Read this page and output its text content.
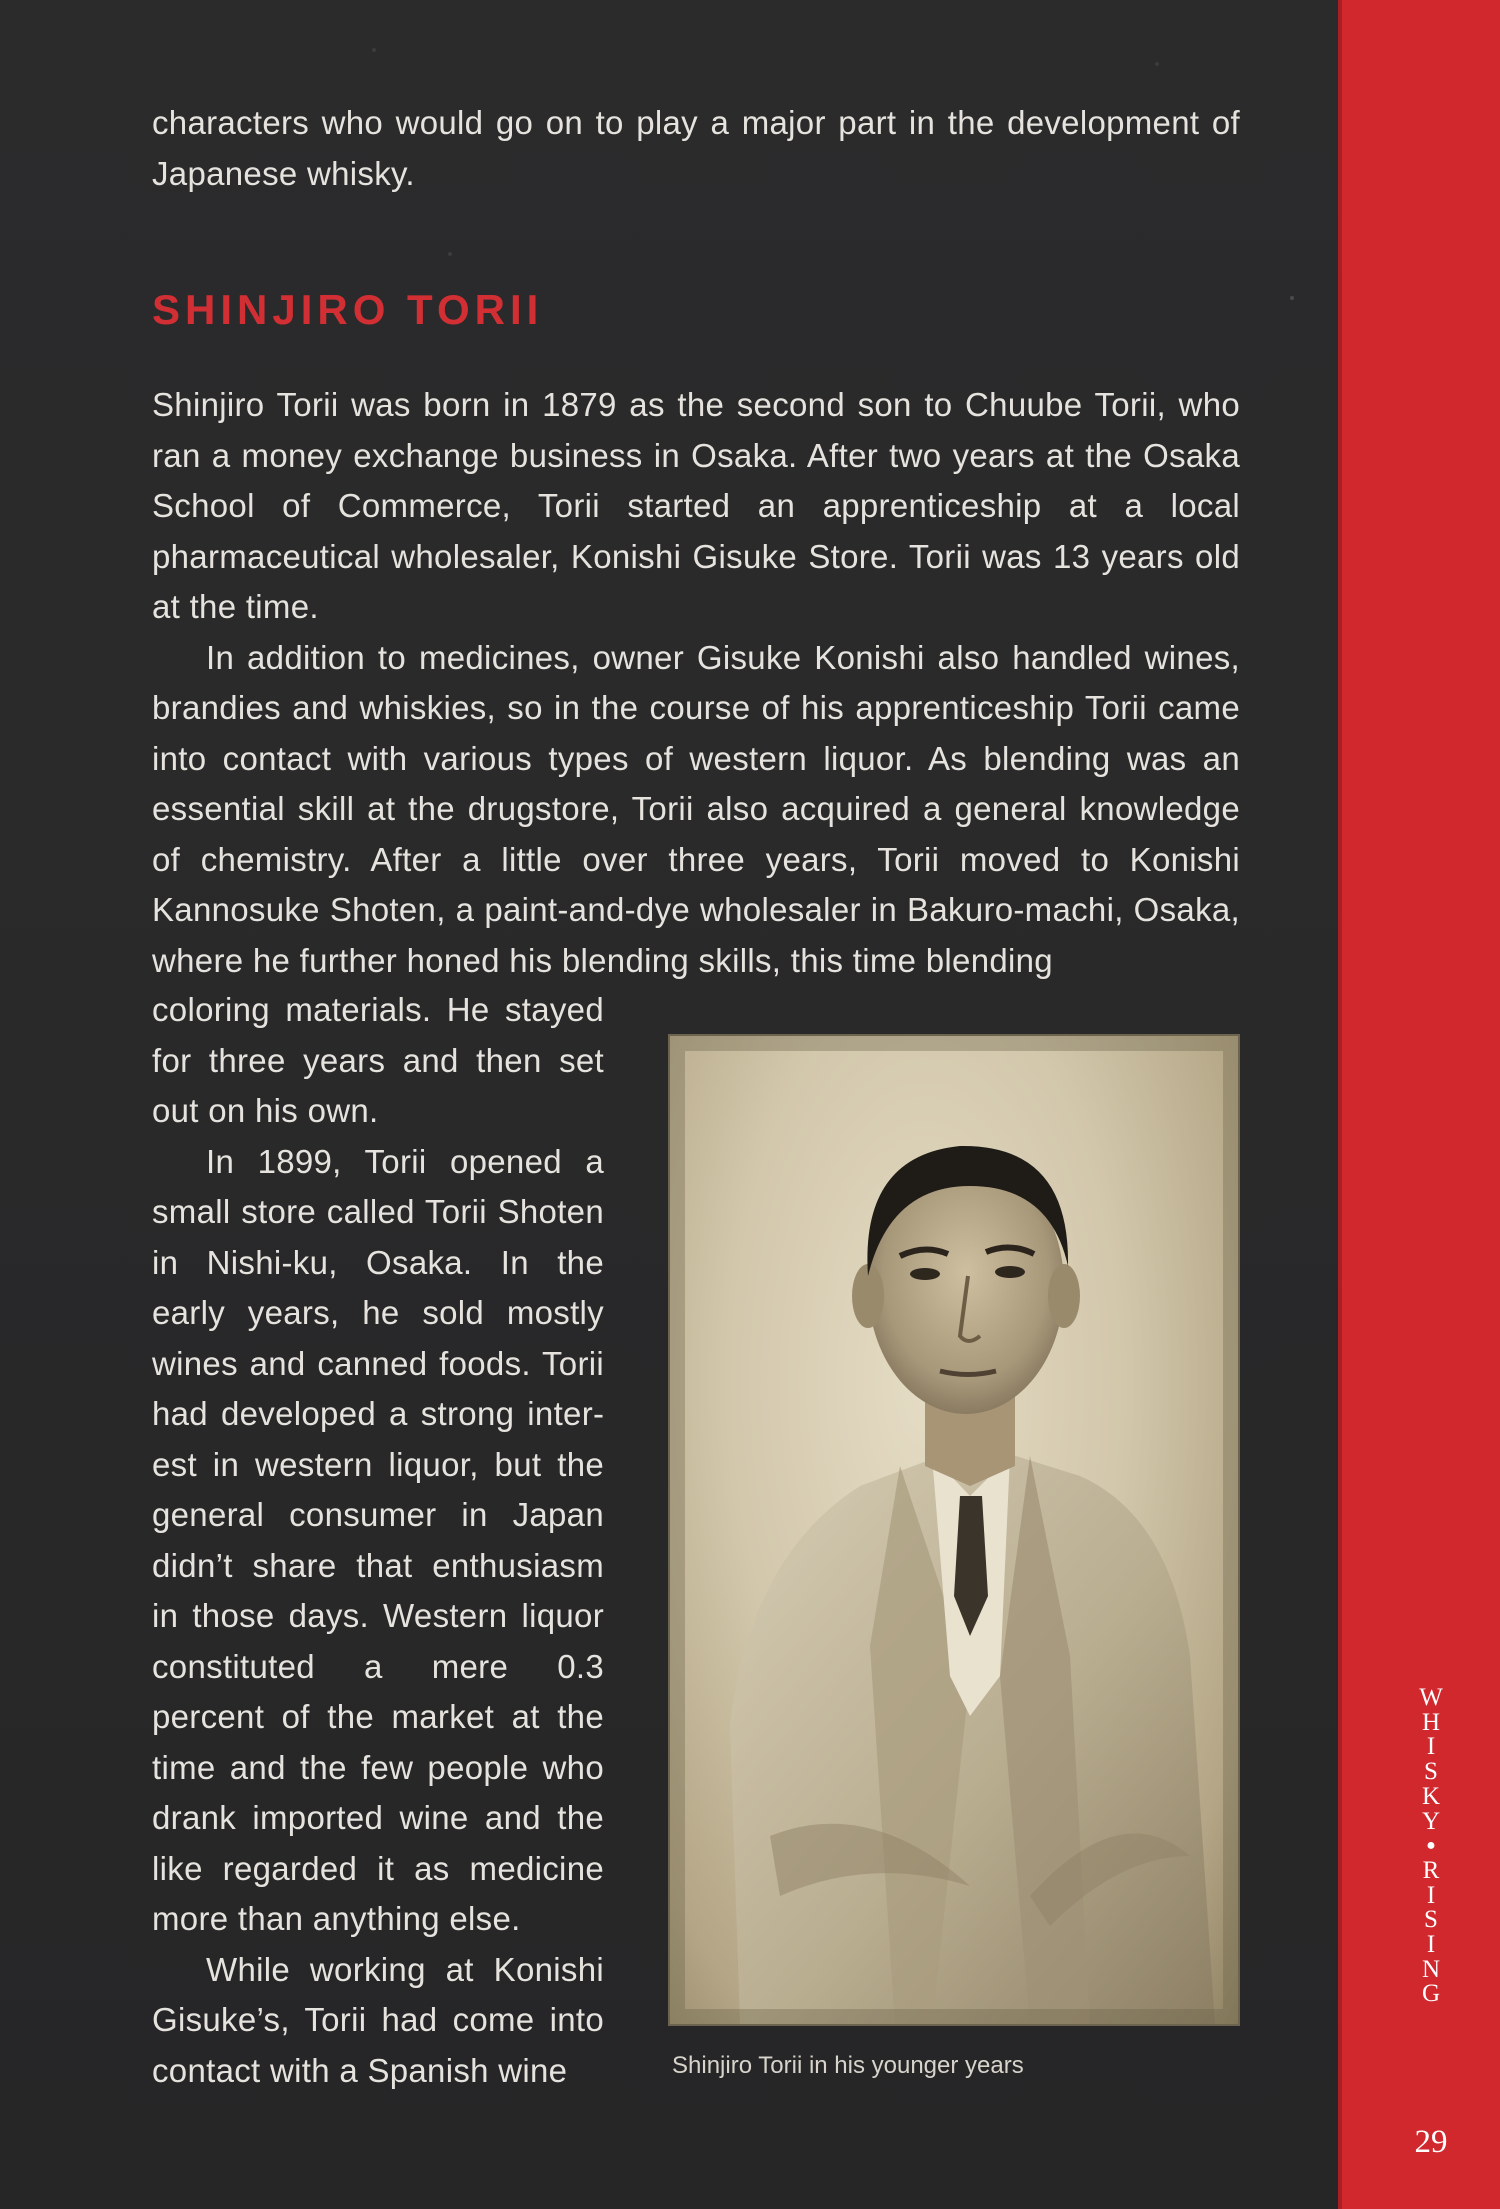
characters who would go on to play a major part in the development of Japanese whisky.
SHINJIRO TORII

Shinjiro Torii was born in 1879 as the second son to Chuube Torii, who ran a money exchange business in Osaka. After two years at the Osaka School of Commerce, Torii started an apprenticeship at a local pharmaceutical wholesaler, Konishi Gisuke Store. Torii was 13 years old at the time.

In addition to medicines, owner Gisuke Konishi also handled wines, brandies and whiskies, so in the course of his apprenticeship Torii came into contact with various types of western liquor. As blending was an essential skill at the drugstore, Torii also acquired a general knowledge of chemistry. After a little over three years, Torii moved to Konishi Kannosuke Shoten, a paint-and-dye wholesaler in Bakuro-machi, Osaka, where he further honed his blending skills, this time blending

coloring materials. He stayed for three years and then set out on his own.

In 1899, Torii opened a small store called Torii Shoten in Nishi-ku, Osaka. In the early years, he sold mostly wines and canned foods. Torii had developed a strong interest in western liquor, but the general consumer in Japan didn’t share that enthusiasm in those days. Western liquor constituted a mere 0.3 percent of the market at the time and the few people who drank imported wine and the like regarded it as medicine more than anything else.

While working at Konishi Gisuke’s, Torii had come into contact with a Spanish wine	Shinjiro Torii in his younger years
W
H
I
S
K
Y
●
R
I
S
I
N
G
29
